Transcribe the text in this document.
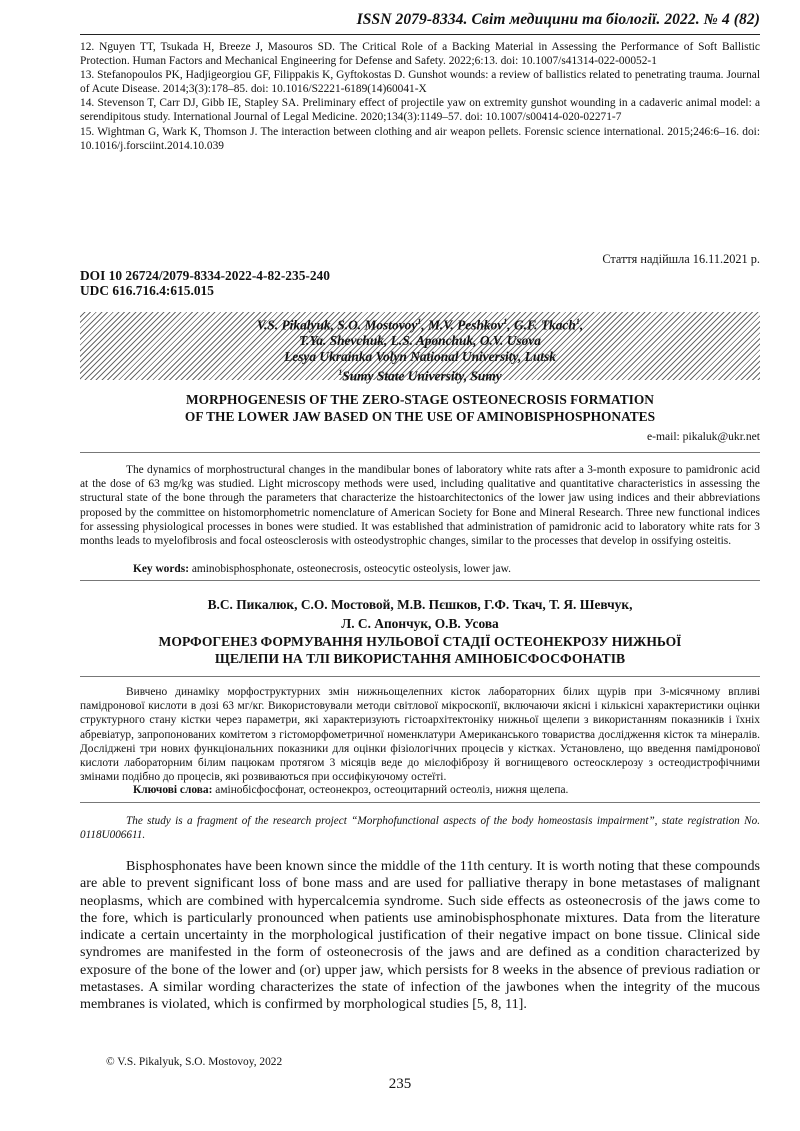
ISSN 2079-8334. Світ медицини та біології. 2022. № 4 (82)

12. Nguyen TT, Tsukada H, Breeze J, Masouros SD. The Critical Role of a Backing Material in Assessing the Performance of Soft Ballistic Protection. Human Factors and Mechanical Engineering for Defense and Safety. 2022;6:13. doi: 10.1007/s41314-022-00052-1

13. Stefanopoulos PK, Hadjigeorgiou GF, Filippakis K, Gyftokostas D. Gunshot wounds: a review of ballistics related to penetrating trauma. Journal of Acute Disease. 2014;3(3):178–85. doi: 10.1016/S2221-6189(14)60041-X

14. Stevenson T, Carr DJ, Gibb IE, Stapley SA. Preliminary effect of projectile yaw on extremity gunshot wounding in a cadaveric animal model: a serendipitous study. International Journal of Legal Medicine. 2020;134(3):1149–57. doi: 10.1007/s00414-020-02271-7

15. Wightman G, Wark K, Thomson J. The interaction between clothing and air weapon pellets. Forensic science international. 2015;246:6–16. doi: 10.1016/j.forsciint.2014.10.039

Стаття надійшла 16.11.2021 р.
DOI 10 26724/2079-8334-2022-4-82-235-240
UDC 616.716.4:615.015
V.S. Pikalyuk, S.O. Mostovoy$^1$, M.V. Peshkov$^1$, G.F. Tkach$^1$,
T.Ya. Shevchuk, L.S. Aponchuk, O.V. Usova
Lesya Ukrainka Volyn National University, Lutsk
$^1$Sumy State University, Sumy
MORPHOGENESIS OF THE ZERO-STAGE OSTEONECROSIS FORMATION
OF THE LOWER JAW BASED ON THE USE OF AMINOBISPHOSPHONATES
e-mail: pikaluk@ukr.net

The dynamics of morphostructural changes in the mandibular bones of laboratory white rats after a 3-month exposure to pamidronic acid at the dose of 63 mg/kg was studied. Light microscopy methods were used, including qualitative and quantitative characteristics in assessing the structural state of the bone through the parameters that characterize the histoarchitectonics of the lower jaw using indices and their abbreviations proposed by the committee on histomorphometric nomenclature of American Society for Bone and Mineral Research. Three new functional indices for assessing physiological processes in bones were studied. It was established that administration of pamidronic acid to laboratory white rats for 3 months leads to myelofibrosis and focal osteosclerosis with osteodystrophic changes, similar to the processes that develop in ossifying osteitis.

Key words: aminobisphosphonate, osteonecrosis, osteocytic osteolysis, lower jaw.
В.С. Пикалюк, С.О. Мостовой, М.В. Пєшков, Г.Ф. Ткач, Т. Я. Шевчук,
Л. С. Апончук, О.В. Усова
МОРФОГЕНЕЗ ФОРМУВАННЯ НУЛЬОВОЇ СТАДІЇ ОСТЕОНЕКРОЗУ НИЖНЬОЇ
ЩЕЛЕПИ НА ТЛІ ВИКОРИСТАННЯ АМІНОБІСФОСФОНАТІВ

Вивчено динаміку морфоструктурних змін нижньощелепних кісток лабораторних білих щурів при 3-місячному впливі памідронової кислоти в дозі 63 мг/кг. Використовували методи світлової мікроскопії, включаючи якісні і кількісні характеристики оцінки структурного стану кістки через параметри, які характеризують гістоархітектоніку нижньої щелепи з використанням показників і їхніх абревіатур, запропонованих комітетом з гістоморфометричної номенклатури Американського товариства дослідження кісток та мінералів. Досліджені три нових функціональних показники для оцінки фізіологічних процесів у кістках. Установлено, що введення памідронової кислоти лабораторним білим пацюкам протягом 3 місяців веде до мієлофіброзу й вогнищевого остеосклерозу з остеодистрофічними змінами подібно до процесів, які розвиваються при оссифікуючому остеїті.

Ключові слова: амінобісфосфонат, остеонекроз, остеоцитарний остеоліз, нижня щелепа.

The study is a fragment of the research project “Morphofunctional aspects of the body homeostasis impairment”, state registration No. 0118U006611.

Bisphosphonates have been known since the middle of the 11th century. It is worth noting that these compounds are able to prevent significant loss of bone mass and are used for palliative therapy in bone metastases of malignant neoplasms, which are combined with hypercalcemia syndrome. Such side effects as osteonecrosis of the jaws come to the fore, which is particularly pronounced when patients use aminobisphosphonate mixtures. Data from the literature indicate a certain uncertainty in the morphological justification of their negative impact on bone tissue. Clinical side syndromes are manifested in the form of osteonecrosis of the jaws and are defined as a condition characterized by exposure of the bone of the lower and (or) upper jaw, which persists for 8 weeks in the absence of previous radiation or metastases. A similar wording characterizes the state of infection of the jawbones when the integrity of the mucous membranes is violated, which is confirmed by morphological studies [5, 8, 11].

© V.S. Pikalyuk, S.O. Mostovoy, 2022
235
